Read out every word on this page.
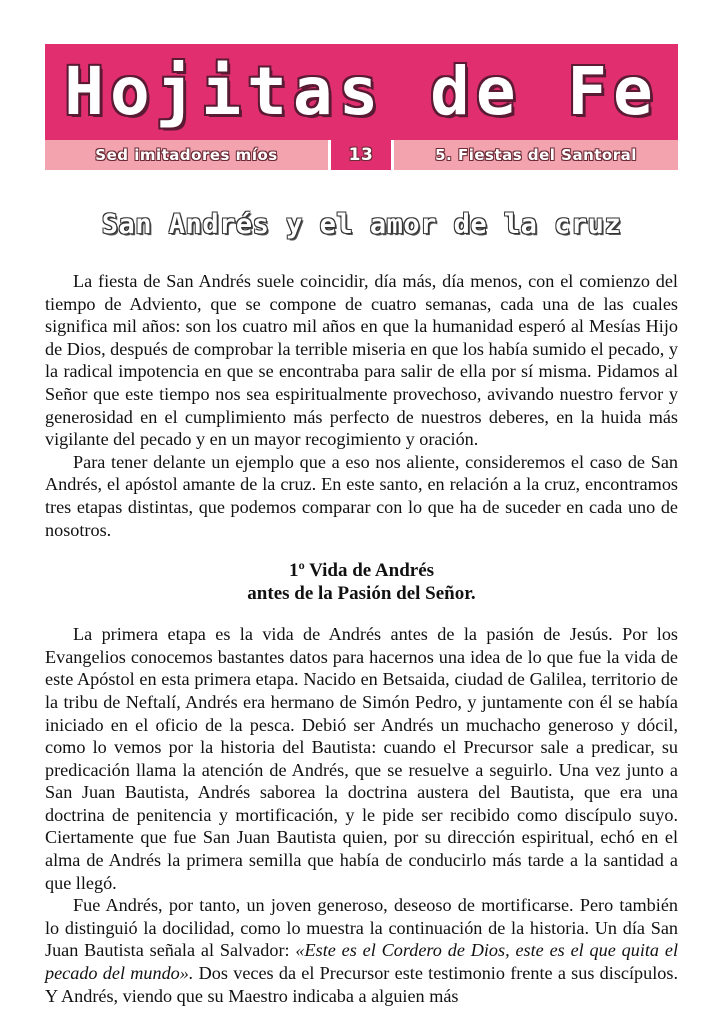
Hojitas de Fe
Sed imitadores míos	13	5. Fiestas del Santoral
San Andrés y el amor de la cruz

La fiesta de San Andrés suele coincidir, día más, día menos, con el comienzo del tiempo de Adviento, que se compone de cuatro semanas, cada una de las cuales significa mil años: son los cuatro mil años en que la humanidad esperó al Mesías Hijo de Dios, después de comprobar la terrible miseria en que los había sumido el pecado, y la radical impotencia en que se encontraba para salir de ella por sí misma. Pidamos al Señor que este tiempo nos sea espiritualmente provechoso, avivando nuestro fervor y generosidad en el cumplimiento más perfecto de nuestros deberes, en la huida más vigilante del pecado y en un mayor recogimiento y oración.

Para tener delante un ejemplo que a eso nos aliente, consideremos el caso de San Andrés, el apóstol amante de la cruz. En este santo, en relación a la cruz, encontramos tres etapas distintas, que podemos comparar con lo que ha de suceder en cada uno de nosotros.

1º Vida de Andrés
antes de la Pasión del Señor.

La primera etapa es la vida de Andrés antes de la pasión de Jesús. Por los Evangelios conocemos bastantes datos para hacernos una idea de lo que fue la vida de este Apóstol en esta primera etapa. Nacido en Betsaida, ciudad de Galilea, territorio de la tribu de Neftalí, Andrés era hermano de Simón Pedro, y juntamente con él se había iniciado en el oficio de la pesca. Debió ser Andrés un muchacho generoso y dócil, como lo vemos por la historia del Bautista: cuando el Precursor sale a predicar, su predicación llama la atención de Andrés, que se resuelve a seguirlo. Una vez junto a San Juan Bautista, Andrés saborea la doctrina austera del Bautista, que era una doctrina de penitencia y mortificación, y le pide ser recibido como discípulo suyo. Ciertamente que fue San Juan Bautista quien, por su dirección espiritual, echó en el alma de Andrés la primera semilla que había de conducirlo más tarde a la santidad a que llegó.

Fue Andrés, por tanto, un joven generoso, deseoso de mortificarse. Pero también lo distinguió la docilidad, como lo muestra la continuación de la historia. Un día San Juan Bautista señala al Salvador: «Este es el Cordero de Dios, este es el que quita el pecado del mundo». Dos veces da el Precursor este testimonio frente a sus discípulos. Y Andrés, viendo que su Maestro indicaba a alguien más
